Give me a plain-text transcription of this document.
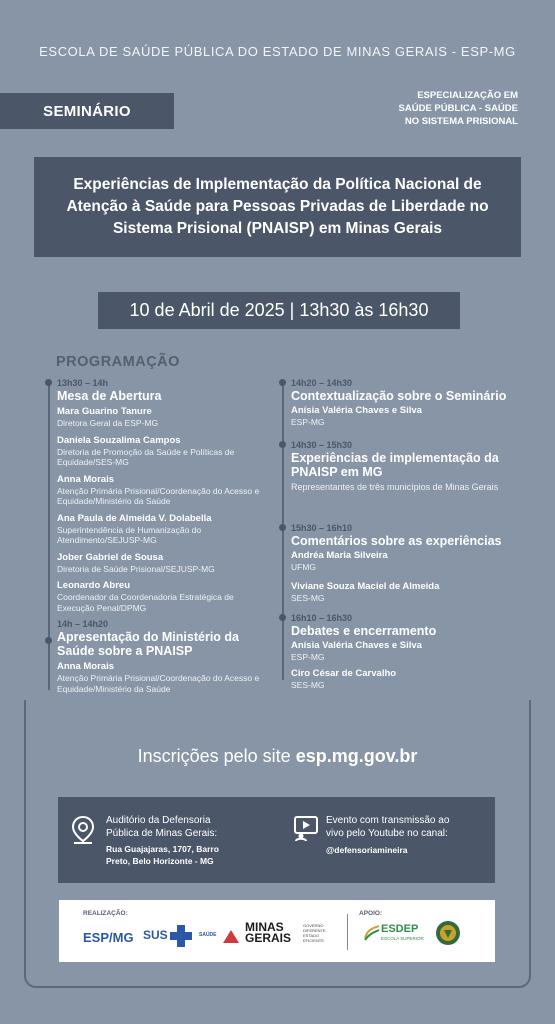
ESCOLA DE SAÚDE PÚBLICA DO ESTADO DE MINAS GERAIS - ESP-MG
SEMINÁRIO
ESPECIALIZAÇÃO EM
SAÚDE PÚBLICA - SAÚDE
NO SISTEMA PRISIONAL
Experiências de Implementação da Política Nacional de Atenção à Saúde para Pessoas Privadas de Liberdade no Sistema Prisional (PNAISP) em Minas Gerais
10 de Abril de 2025 | 13h30 às 16h30
PROGRAMAÇÃO
13h30 – 14h
Mesa de Abertura
Mara Guarino Tanure
Diretora Geral da ESP-MG
Daniela Souzalima Campos
Diretoria de Promoção da Saúde e Políticas de Equidade/SES-MG
Anna Morais
Atenção Primária Prisional/Coordenação do Acesso e Equidade/Ministério da Saúde
Ana Paula de Almeida V. Dolabella
Superintendência de Humanização do Atendimento/SEJUSP-MG
Jober Gabriel de Sousa
Diretoria de Saúde Prisional/SEJUSP-MG
Leonardo Abreu
Coordenador da Coordenadoria Estratégica de Execução Penal/DPMG
14h – 14h20
Apresentação do Ministério da Saúde sobre a PNAISP
Anna Morais
Atenção Primária Prisional/Coordenação do Acesso e Equidade/Ministério da Saúde
14h20 – 14h30
Contextualização sobre o Seminário
Anísia Valéria Chaves e Silva
ESP-MG
14h30 – 15h30
Experiências de implementação da PNAISP em MG
Representantes de três municípios de Minas Gerais
15h30 – 16h10
Comentários sobre as experiências
Andréa Maria Silveira
UFMG
Viviane Souza Maciel de Almeida
SES-MG
16h10 – 16h30
Debates e encerramento
Anísia Valéria Chaves e Silva
ESP-MG
Ciro César de Carvalho
SES-MG
Inscrições pelo site esp.mg.gov.br
Auditório da Defensoria
Pública de Minas Gerais:
Rua Guajajaras, 1707, Barro
Preto, Belo Horizonte - MG
Evento com transmissão ao
vivo pelo Youtube no canal:
@defensoriamineira
REALIZAÇÃO:
ESP/MG SUS	SAÚDE
MINAS
GERAIS
GOVERNO
DIFERENTE.
ESTADO
EFICIENTE.
APOIO:
ESDEP
ESCOLA SUPERIOR
